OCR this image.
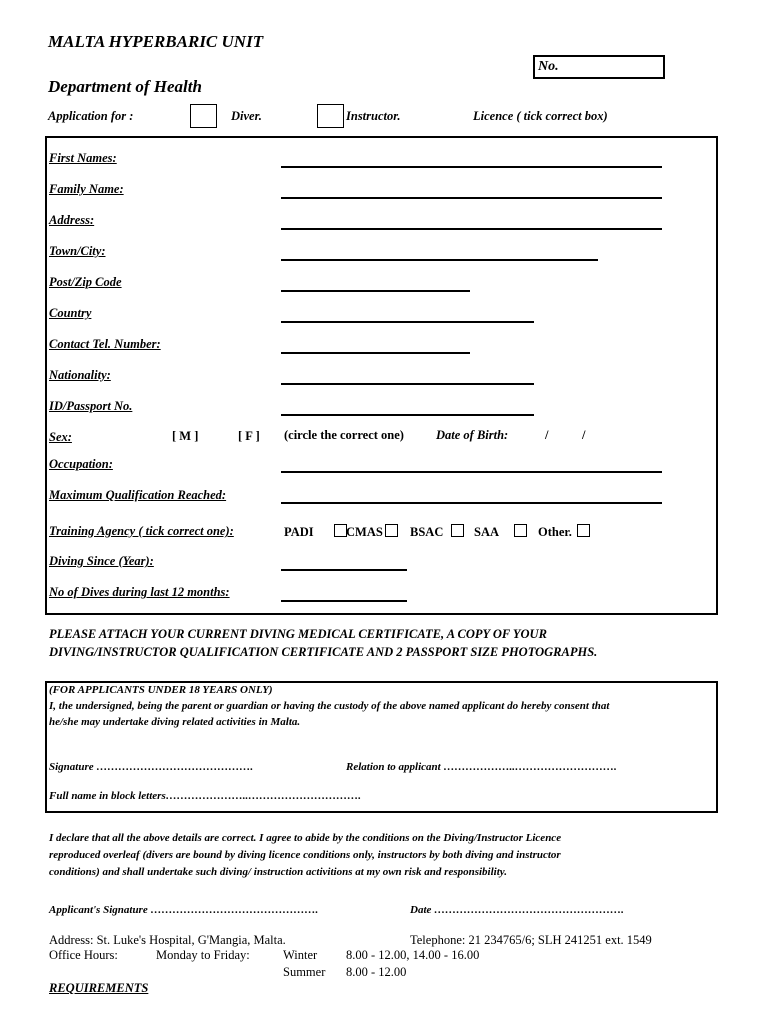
MALTA HYPERBARIC UNIT
No.
Department of Health
Application for :	Diver.	Instructor.	Licence ( tick correct box)
First Names:
Family Name:
Address:
Town/City:
Post/Zip Code
Country
Contact Tel. Number:
Nationality:
ID/Passport No.
Sex:	[ M ]	[ F ] (circle the correct one)	Date of Birth:	/	/
Occupation:
Maximum Qualification Reached:
Training Agency ( tick correct one):	PADI	CMAS	BSAC	SAA	Other.
Diving Since (Year):
No of Dives during last 12 months:
PLEASE ATTACH YOUR CURRENT DIVING MEDICAL CERTIFICATE, A COPY OF YOUR
DIVING/INSTRUCTOR QUALIFICATION CERTIFICATE AND 2 PASSPORT SIZE PHOTOGRAPHS.
(FOR APPLICANTS UNDER 18 YEARS ONLY)
I, the undersigned, being the parent or guardian or having the custody of the above named applicant do hereby consent that
he/she may undertake diving related activities in Malta.
Signature …………………………………….	Relation to applicant ………………..……………………….
Full name in block letters…………………..………………………….
I declare that all the above details are correct. I agree to abide by the conditions on the Diving/Instructor Licence
reproduced overleaf (divers are bound by diving licence conditions only, instructors by both diving and instructor
conditions) and shall undertake such diving/ instruction activitions at my own risk and responsibility.
Applicant's Signature ……………………………………….	Date …………………………………………….
Address: St. Luke's Hospital, G'Mangia, Malta.	Telephone: 21 234765/6; SLH 241251 ext. 1549
Office Hours:	Monday to Friday:	Winter 8.00 - 12.00, 14.00 - 16.00
Summer 8.00 - 12.00
REQUIREMENTS
